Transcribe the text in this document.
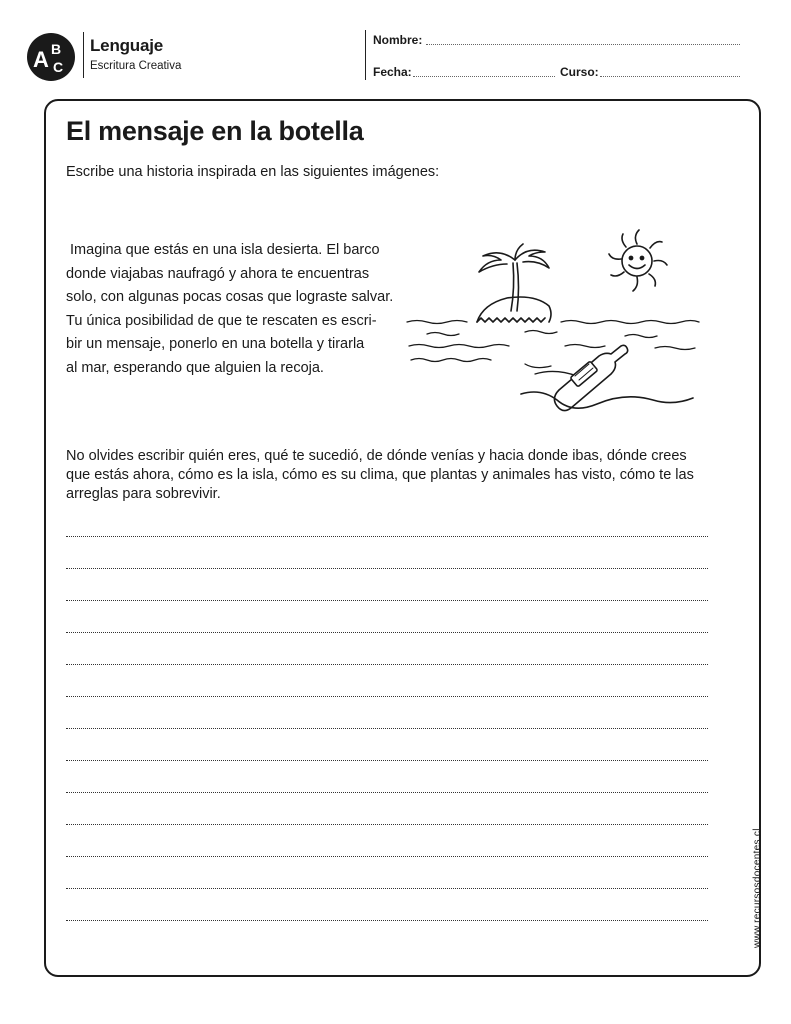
A B
C
Lenguaje
Escritura Creativa
Nombre:
Fecha:	Curso:
El mensaje en la botella
Escribe una historia inspirada en las siguientes imágenes:

Imagina que estás en una isla desierta. El barco
donde viajabas naufragó y ahora te encuentras
solo, con algunas pocas cosas que lograste salvar.
Tu única posibilidad de que te rescaten es escri-
bir un mensaje, ponerlo en una botella y tirarla
al mar, esperando que alguien la recoja.

No olvides escribir quién eres, qué te sucedió, de dónde venías y hacia donde ibas, dónde crees
que estás ahora, cómo es la isla, cómo es su clima, que plantas y animales has visto, cómo te las
arreglas para sobrevivir.

www.recursosdocentes.cl
